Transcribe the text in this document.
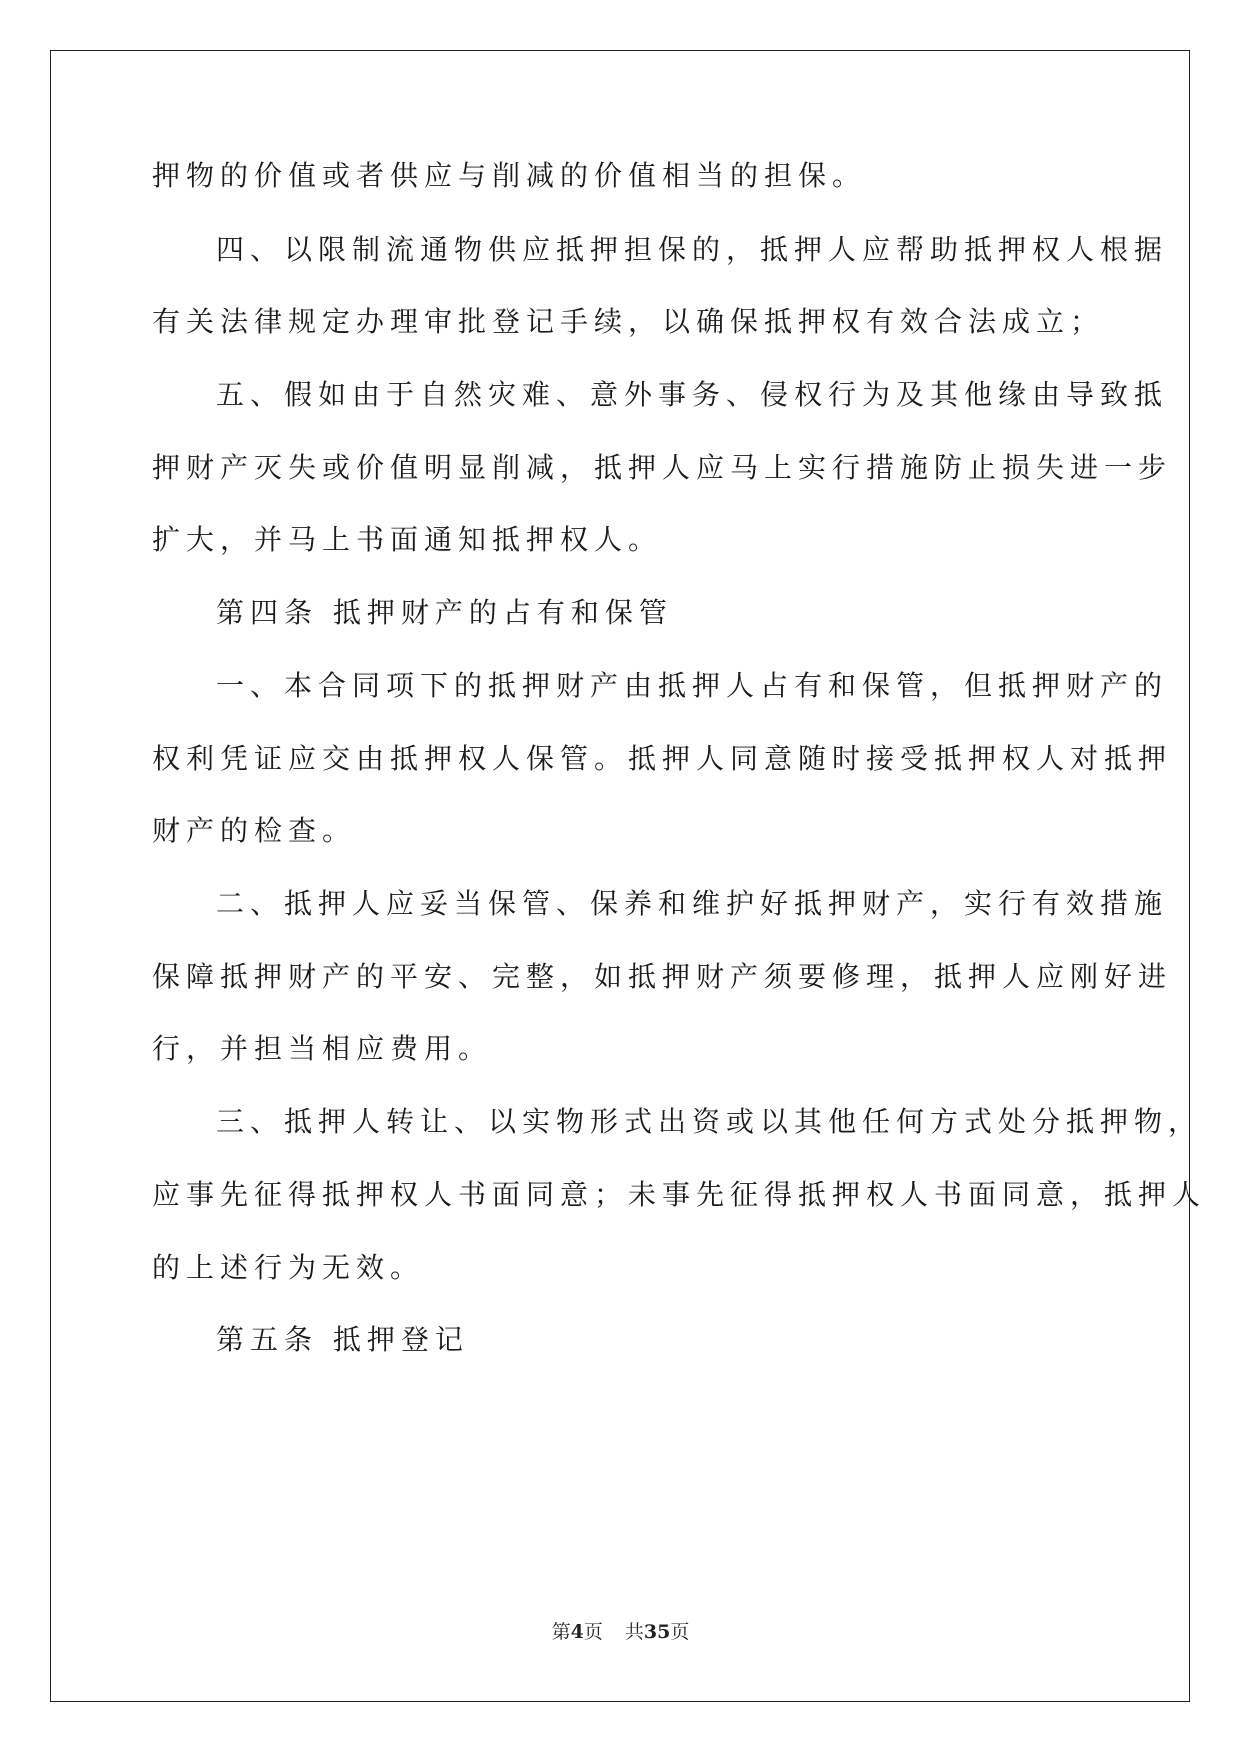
押物的价值或者供应与削减的价值相当的担保。
四、以限制流通物供应抵押担保的，抵押人应帮助抵押权人根据
有关法律规定办理审批登记手续，以确保抵押权有效合法成立；
五、假如由于自然灾难、意外事务、侵权行为及其他缘由导致抵
押财产灭失或价值明显削减，抵押人应马上实行措施防止损失进一步
扩大，并马上书面通知抵押权人。
第四条 抵押财产的占有和保管
一、本合同项下的抵押财产由抵押人占有和保管，但抵押财产的
权利凭证应交由抵押权人保管。抵押人同意随时接受抵押权人对抵押
财产的检查。
二、抵押人应妥当保管、保养和维护好抵押财产，实行有效措施
保障抵押财产的平安、完整，如抵押财产须要修理，抵押人应刚好进
行，并担当相应费用。
三、抵押人转让、以实物形式出资或以其他任何方式处分抵押物，
应事先征得抵押权人书面同意；未事先征得抵押权人书面同意，抵押人
的上述行为无效。
第五条 抵押登记
第4页 共35页
